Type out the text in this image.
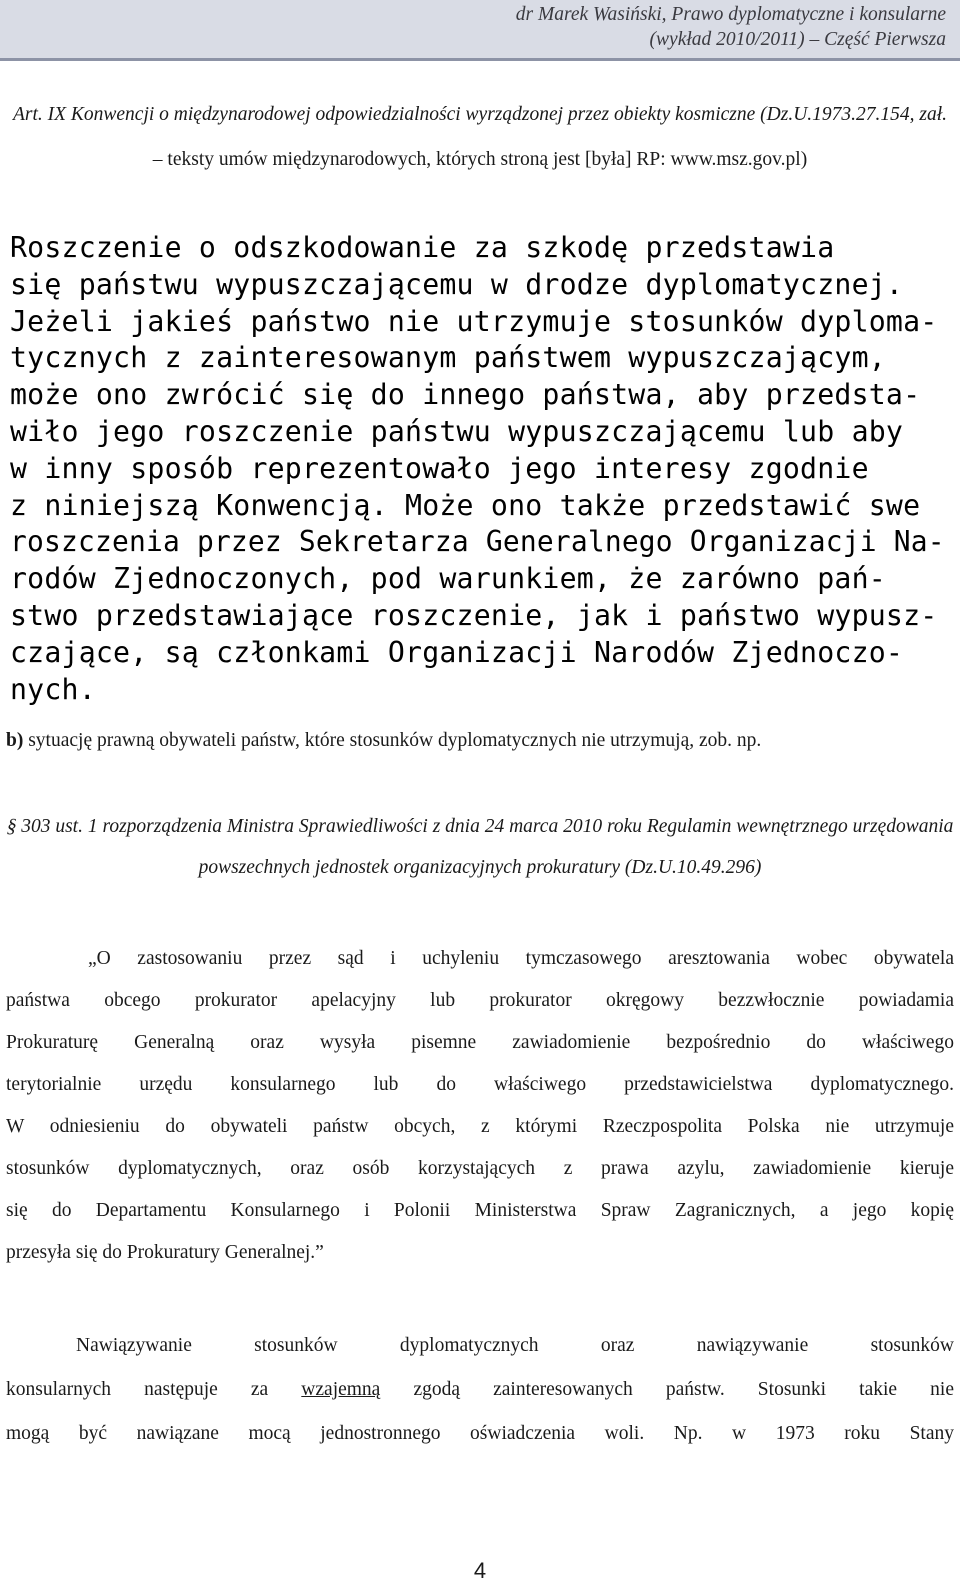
dr Marek Wasiński, Prawo dyplomatyczne i konsularne
(wykład 2010/2011) – Część Pierwsza
Art. IX Konwencji o międzynarodowej odpowiedzialności wyrządzonej przez obiekty kosmiczne (Dz.U.1973.27.154, zał. – teksty umów międzynarodowych, których stroną jest [była] RP: www.msz.gov.pl)
Roszczenie o odszkodowanie za szkodę przedstawia
się państwu wypuszczającemu w drodze dyplomatycznej.
Jeżeli jakieś państwo nie utrzymuje stosunków dyploma-
tycznych z zainteresowanym państwem wypuszczającym,
może ono zwrócić się do innego państwa, aby przedsta-
wiło jego roszczenie państwu wypuszczającemu lub aby
w inny sposób reprezentowało jego interesy zgodnie
z niniejszą Konwencją. Może ono także przedstawić swe
roszczenia przez Sekretarza Generalnego Organizacji Na-
rodów Zjednoczonych, pod warunkiem, że zarówno pań-
stwo przedstawiające roszczenie, jak i państwo wypusz-
czające, są członkami Organizacji Narodów Zjednoczo-
nych.
b) sytuację prawną obywateli państw, które stosunków dyplomatycznych nie utrzymują, zob. np.
§ 303 ust. 1 rozporządzenia Ministra Sprawiedliwości z dnia 24 marca 2010 roku Regulamin wewnętrznego urzędowania powszechnych jednostek organizacyjnych prokuratury (Dz.U.10.49.296)
„O zastosowaniu przez sąd i uchyleniu tymczasowego aresztowania wobec obywatela
państwa obcego prokurator apelacyjny lub prokurator okręgowy bezzwłocznie powiadamia
Prokuraturę Generalną oraz wysyła pisemne zawiadomienie bezpośrednio do właściwego
terytorialnie urzędu konsularnego lub do właściwego przedstawicielstwa dyplomatycznego.
W odniesieniu do obywateli państw obcych, z którymi Rzeczpospolita Polska nie utrzymuje
stosunków dyplomatycznych, oraz osób korzystających z prawa azylu, zawiadomienie kieruje
się do Departamentu Konsularnego i Polonii Ministerstwa Spraw Zagranicznych, a jego kopię
przesyła się do Prokuratury Generalnej.”
Nawiązywanie stosunków dyplomatycznych oraz nawiązywanie stosunków
konsularnych następuje za wzajemną zgodą zainteresowanych państw. Stosunki takie nie
mogą być nawiązane mocą jednostronnego oświadczenia woli. Np. w 1973 roku Stany
4
